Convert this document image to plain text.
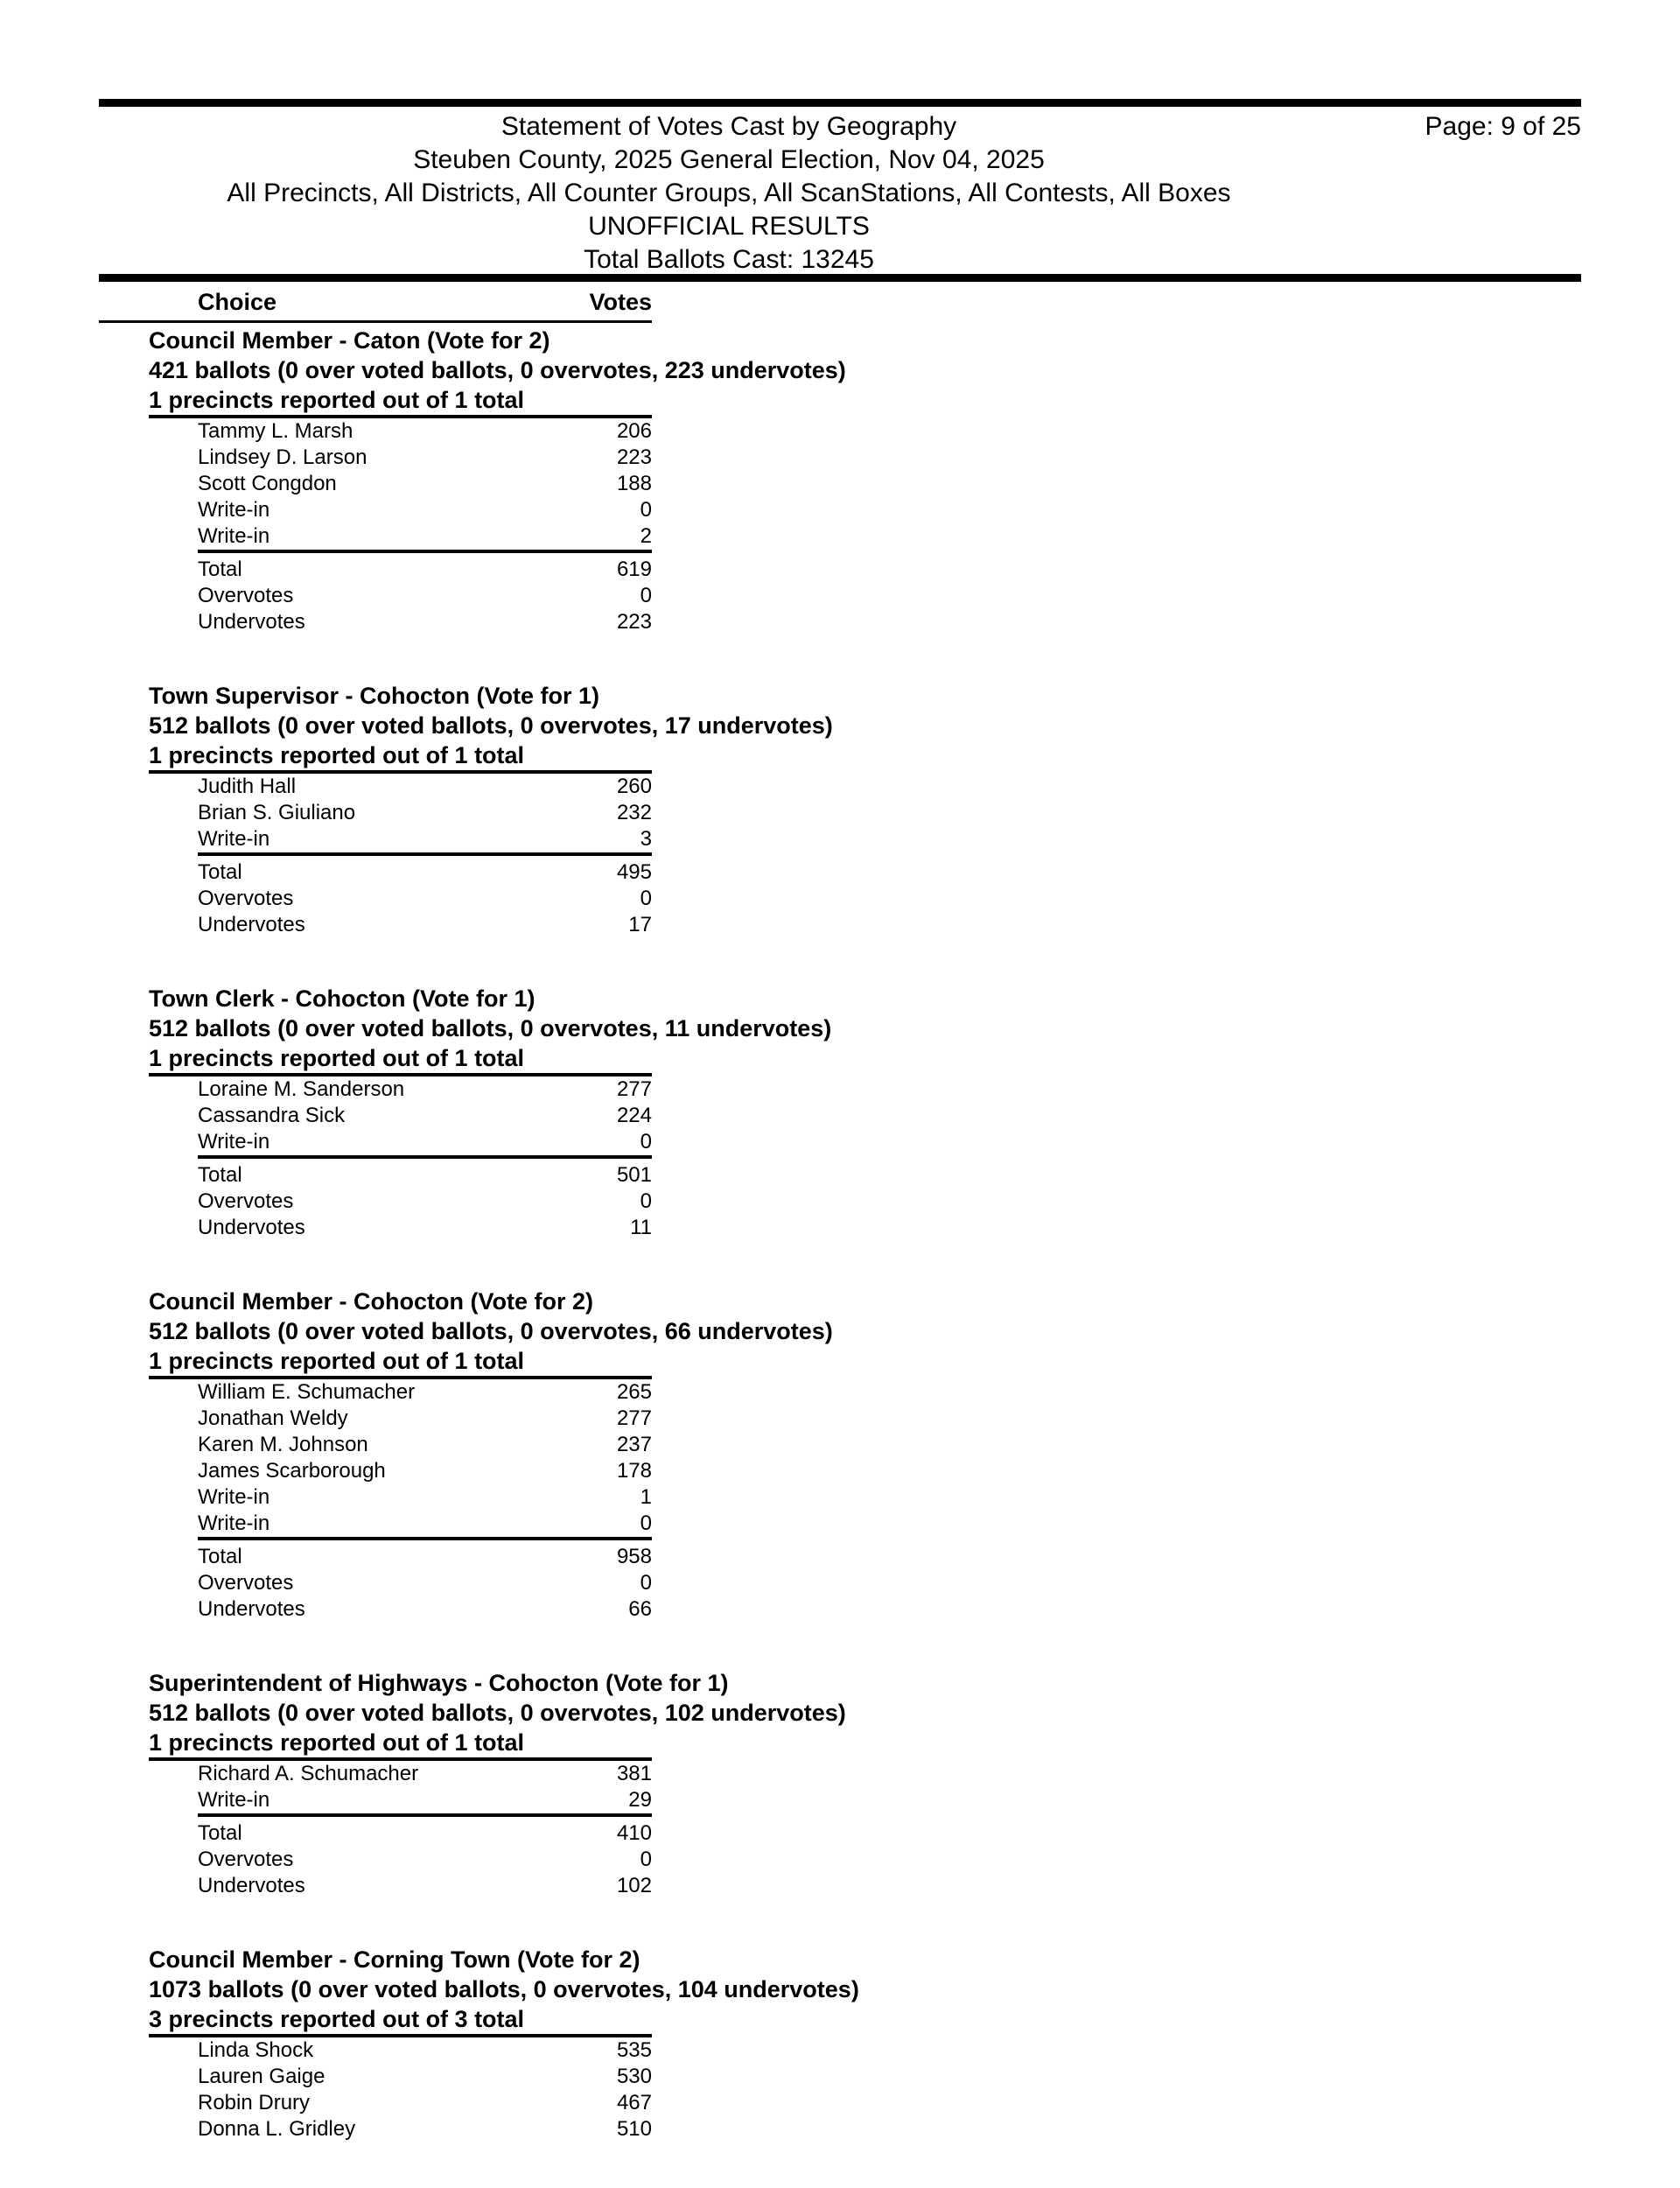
Statement of Votes Cast by Geography
Steuben County, 2025 General Election, Nov 04, 2025
All Precincts, All Districts, All Counter Groups, All ScanStations, All Contests, All Boxes
UNOFFICIAL RESULTS
Total Ballots Cast: 13245
Page: 9 of 25
Choice	Votes
Council Member - Caton (Vote for 2)
421 ballots (0 over voted ballots, 0 overvotes, 223 undervotes)
1 precincts reported out of 1 total
Tammy L. Marsh	206
Lindsey D. Larson	223
Scott Congdon	188
Write-in	0
Write-in	2
Total	619
Overvotes	0
Undervotes	223
Town Supervisor - Cohocton (Vote for 1)
512 ballots (0 over voted ballots, 0 overvotes, 17 undervotes)
1 precincts reported out of 1 total
Judith Hall	260
Brian S. Giuliano	232
Write-in	3
Total	495
Overvotes	0
Undervotes	17
Town Clerk - Cohocton (Vote for 1)
512 ballots (0 over voted ballots, 0 overvotes, 11 undervotes)
1 precincts reported out of 1 total
Loraine M. Sanderson	277
Cassandra Sick	224
Write-in	0
Total	501
Overvotes	0
Undervotes	11
Council Member - Cohocton (Vote for 2)
512 ballots (0 over voted ballots, 0 overvotes, 66 undervotes)
1 precincts reported out of 1 total
William E. Schumacher	265
Jonathan Weldy	277
Karen M. Johnson	237
James Scarborough	178
Write-in	1
Write-in	0
Total	958
Overvotes	0
Undervotes	66
Superintendent of Highways - Cohocton (Vote for 1)
512 ballots (0 over voted ballots, 0 overvotes, 102 undervotes)
1 precincts reported out of 1 total
Richard A. Schumacher	381
Write-in	29
Total	410
Overvotes	0
Undervotes	102
Council Member - Corning Town (Vote for 2)
1073 ballots (0 over voted ballots, 0 overvotes, 104 undervotes)
3 precincts reported out of 3 total
Linda Shock	535
Lauren Gaige	530
Robin Drury	467
Donna L. Gridley	510
